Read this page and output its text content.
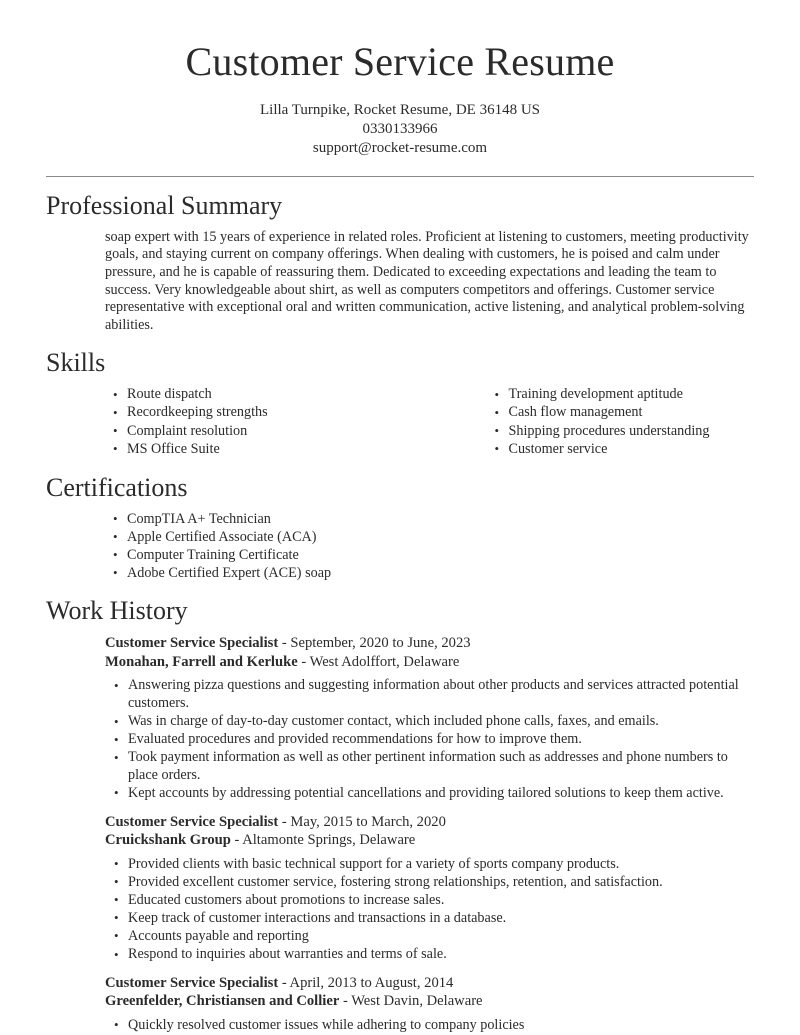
Customer Service Resume
Lilla Turnpike, Rocket Resume, DE 36148 US
0330133966
support@rocket-resume.com
Professional Summary

soap expert with 15 years of experience in related roles. Proficient at listening to customers, meeting productivity goals, and staying current on company offerings. When dealing with customers, he is poised and calm under pressure, and he is capable of reassuring them. Dedicated to exceeding expectations and leading the team to success. Very knowledgeable about shirt, as well as computers competitors and offerings. Customer service representative with exceptional oral and written communication, active listening, and analytical problem-solving abilities.

Skills
• Route dispatch
• Recordkeeping strengths
• Complaint resolution
• MS Office Suite
• Training development aptitude
• Cash flow management
• Shipping procedures understanding
• Customer service
Certifications
• CompTIA A+ Technician
• Apple Certified Associate (ACA)
• Computer Training Certificate
• Adobe Certified Expert (ACE) soap
Work History
Customer Service Specialist - September, 2020 to June, 2023
Monahan, Farrell and Kerluke - West Adolffort, Delaware
• Answering pizza questions and suggesting information about other products and services attracted potential customers.
• Was in charge of day-to-day customer contact, which included phone calls, faxes, and emails.
• Evaluated procedures and provided recommendations for how to improve them.
• Took payment information as well as other pertinent information such as addresses and phone numbers to place orders.
• Kept accounts by addressing potential cancellations and providing tailored solutions to keep them active.
Customer Service Specialist - May, 2015 to March, 2020
Cruickshank Group - Altamonte Springs, Delaware
• Provided clients with basic technical support for a variety of sports company products.
• Provided excellent customer service, fostering strong relationships, retention, and satisfaction.
• Educated customers about promotions to increase sales.
• Keep track of customer interactions and transactions in a database.
• Accounts payable and reporting
• Respond to inquiries about warranties and terms of sale.
Customer Service Specialist - April, 2013 to August, 2014
Greenfelder, Christiansen and Collier - West Davin, Delaware
• Quickly resolved customer issues while adhering to company policies
